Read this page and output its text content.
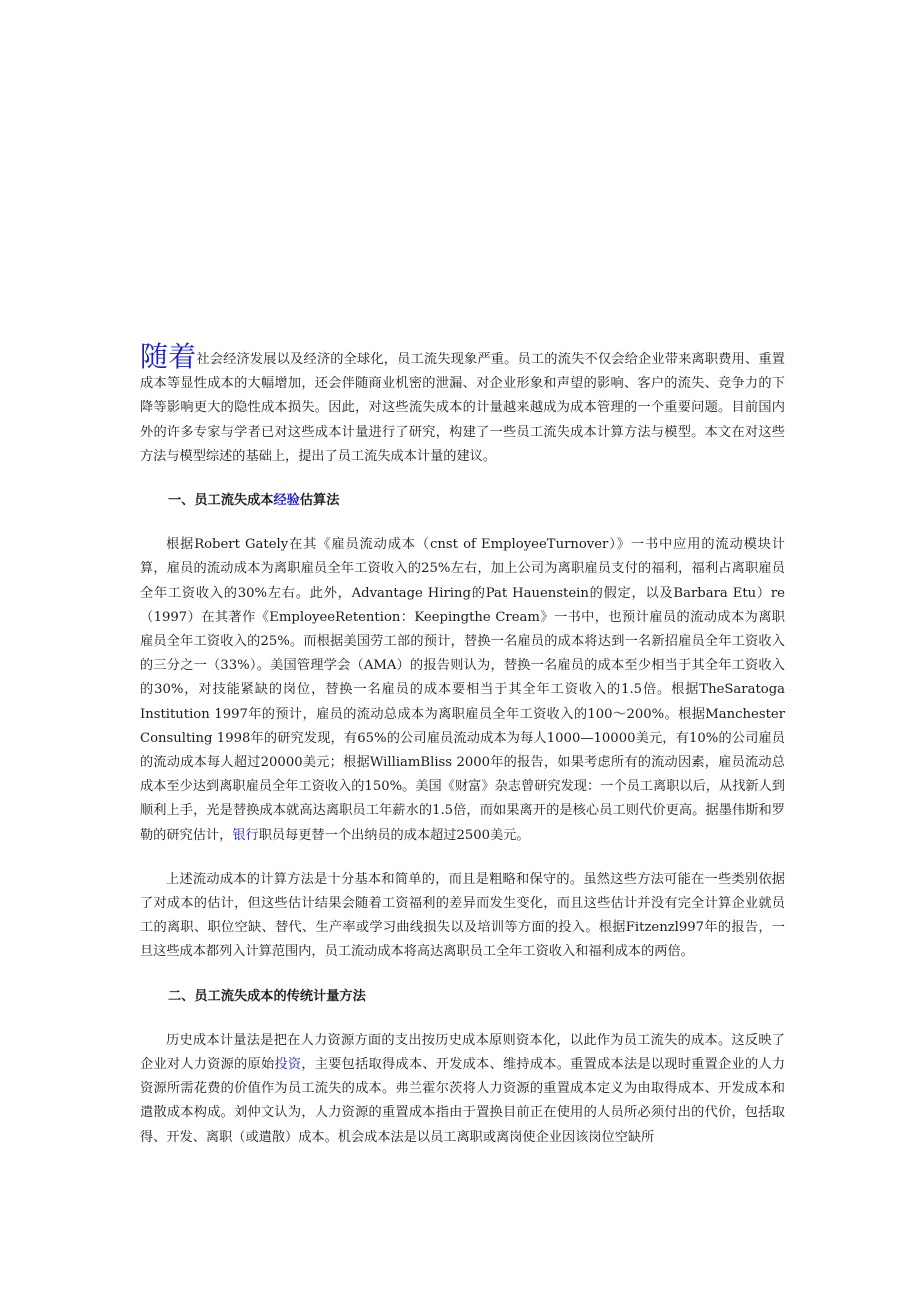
随着社会经济发展以及经济的全球化，员工流失现象严重。员工的流失不仅会给企业带来离职费用、重置成本等显性成本的大幅增加，还会伴随商业机密的泄漏、对企业形象和声望的影响、客户的流失、竞争力的下降等影响更大的隐性成本损失。因此，对这些流失成本的计量越来越成为成本管理的一个重要问题。目前国内外的许多专家与学者已对这些成本计量进行了研究，构建了一些员工流失成本计算方法与模型。本文在对这些方法与模型综述的基础上，提出了员工流失成本计量的建议。

一、员工流失成本经验估算法

根据Robert Gately在其《雇员流动成本（cnst of EmployeeTurnover）》一书中应用的流动模块计算，雇员的流动成本为离职雇员全年工资收入的25%左右，加上公司为离职雇员支付的福利，福利占离职雇员全年工资收入的30%左右。此外，Advantage Hiring的Pat Hauenstein的假定，以及Barbara Etu）re（1997）在其著作《EmployeeRetention：Keepingthe Cream》一书中，也预计雇员的流动成本为离职雇员全年工资收入的25%。而根据美国劳工部的预计，替换一名雇员的成本将达到一名新招雇员全年工资收入的三分之一（33%）。美国管理学会（AMA）的报告则认为，替换一名雇员的成本至少相当于其全年工资收入的30%，对技能紧缺的岗位，替换一名雇员的成本要相当于其全年工资收入的1.5倍。根据TheSaratoga Institution 1997年的预计，雇员的流动总成本为离职雇员全年工资收入的100～200%。根据Manchester Consulting 1998年的研究发现，有65%的公司雇员流动成本为每人1000—10000美元，有10%的公司雇员的流动成本每人超过20000美元；根据WilliamBliss 2000年的报告，如果考虑所有的流动因素，雇员流动总成本至少达到离职雇员全年工资收入的150%。美国《财富》杂志曾研究发现：一个员工离职以后，从找新人到顺利上手，光是替换成本就高达离职员工年薪水的1.5倍，而如果离开的是核心员工则代价更高。据墨伟斯和罗勒的研究估计，银行职员每更替一个出纳员的成本超过2500美元。

上述流动成本的计算方法是十分基本和简单的，而且是粗略和保守的。虽然这些方法可能在一些类别依据了对成本的估计，但这些估计结果会随着工资福利的差异而发生变化，而且这些估计并没有完全计算企业就员工的离职、职位空缺、替代、生产率或学习曲线损失以及培训等方面的投入。根据Fitzenzl997年的报告，一旦这些成本都列入计算范围内，员工流动成本将高达离职员工全年工资收入和福利成本的两倍。

二、员工流失成本的传统计量方法

历史成本计量法是把在人力资源方面的支出按历史成本原则资本化，以此作为员工流失的成本。这反映了企业对人力资源的原始投资，主要包括取得成本、开发成本、维持成本。重置成本法是以现时重置企业的人力资源所需花费的价值作为员工流失的成本。弗兰霍尔茨将人力资源的重置成本定义为由取得成本、开发成本和遣散成本构成。刘仲文认为，人力资源的重置成本指由于置换目前正在使用的人员所必须付出的代价，包括取得、开发、离职（或遣散）成本。机会成本法是以员工离职或离岗使企业因该岗位空缺所
